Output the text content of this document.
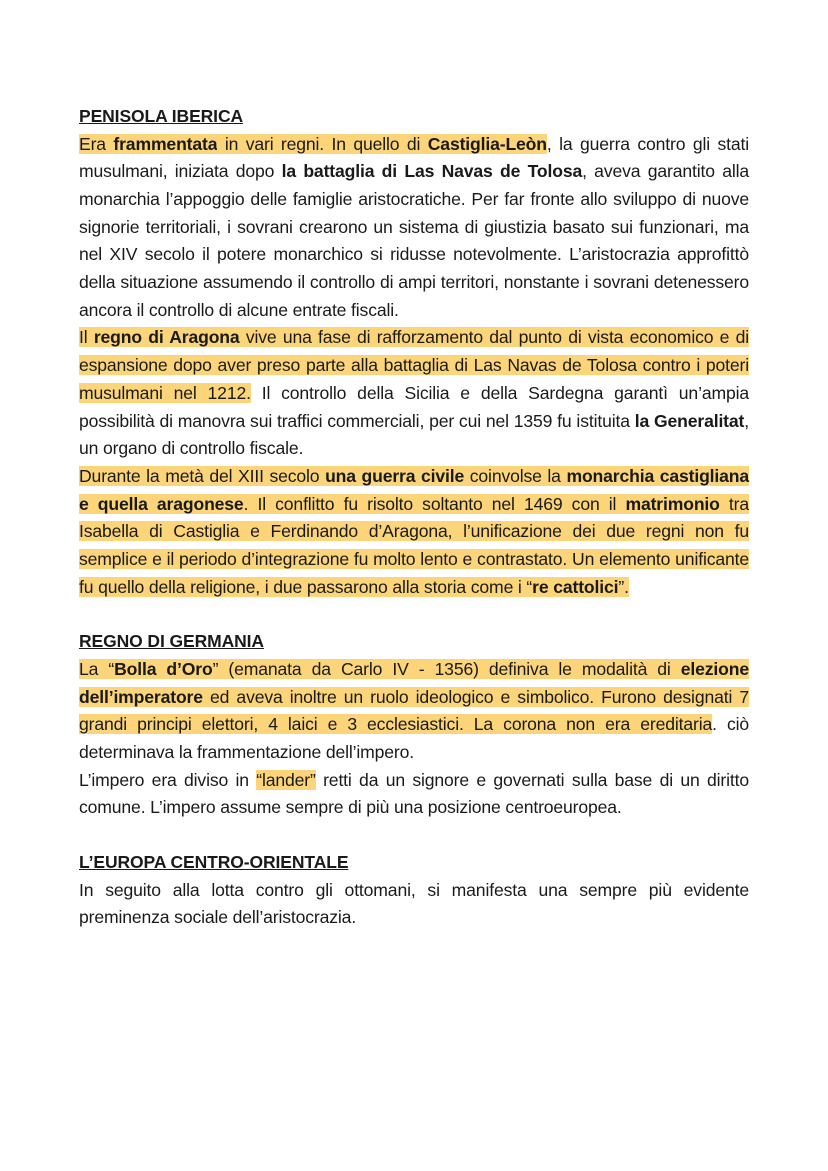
PENISOLA IBERICA

Era frammentata in vari regni. In quello di Castiglia-Leòn, la guerra contro gli stati musulmani, iniziata dopo la battaglia di Las Navas de Tolosa, aveva garantito alla monarchia l’appoggio delle famiglie aristocratiche. Per far fronte allo sviluppo di nuove signorie territoriali, i sovrani crearono un sistema di giustizia basato sui funzionari, ma nel XIV secolo il potere monarchico si ridusse notevolmente. L’aristocrazia approfittò della situazione assumendo il controllo di ampi territori, nonstante i sovrani detenessero ancora il controllo di alcune entrate fiscali.

Il regno di Aragona vive una fase di rafforzamento dal punto di vista economico e di espansione dopo aver preso parte alla battaglia di Las Navas de Tolosa contro i poteri musulmani nel 1212. Il controllo della Sicilia e della Sardegna garantì un’ampia possibilità di manovra sui traffici commerciali, per cui nel 1359 fu istituita la Generalitat, un organo di controllo fiscale.

Durante la metà del XIII secolo una guerra civile coinvolse la monarchia castigliana e quella aragonese. Il conflitto fu risolto soltanto nel 1469 con il matrimonio tra Isabella di Castiglia e Ferdinando d’Aragona, l’unificazione dei due regni non fu semplice e il periodo d’integrazione fu molto lento e contrastato. Un elemento unificante fu quello della religione, i due passarono alla storia come i “re cattolici”.

REGNO DI GERMANIA

La “Bolla d’Oro” (emanata da Carlo IV - 1356) definiva le modalità di elezione dell’imperatore ed aveva inoltre un ruolo ideologico e simbolico. Furono designati 7 grandi principi elettori, 4 laici e 3 ecclesiastici. La corona non era ereditaria. ciò determinava la frammentazione dell’impero.

L’impero era diviso in “lander” retti da un signore e governati sulla base di un diritto comune. L’impero assume sempre di più una posizione centroeuropea.

L’EUROPA CENTRO-ORIENTALE

In seguito alla lotta contro gli ottomani, si manifesta una sempre più evidente preminenza sociale dell’aristocrazia.
